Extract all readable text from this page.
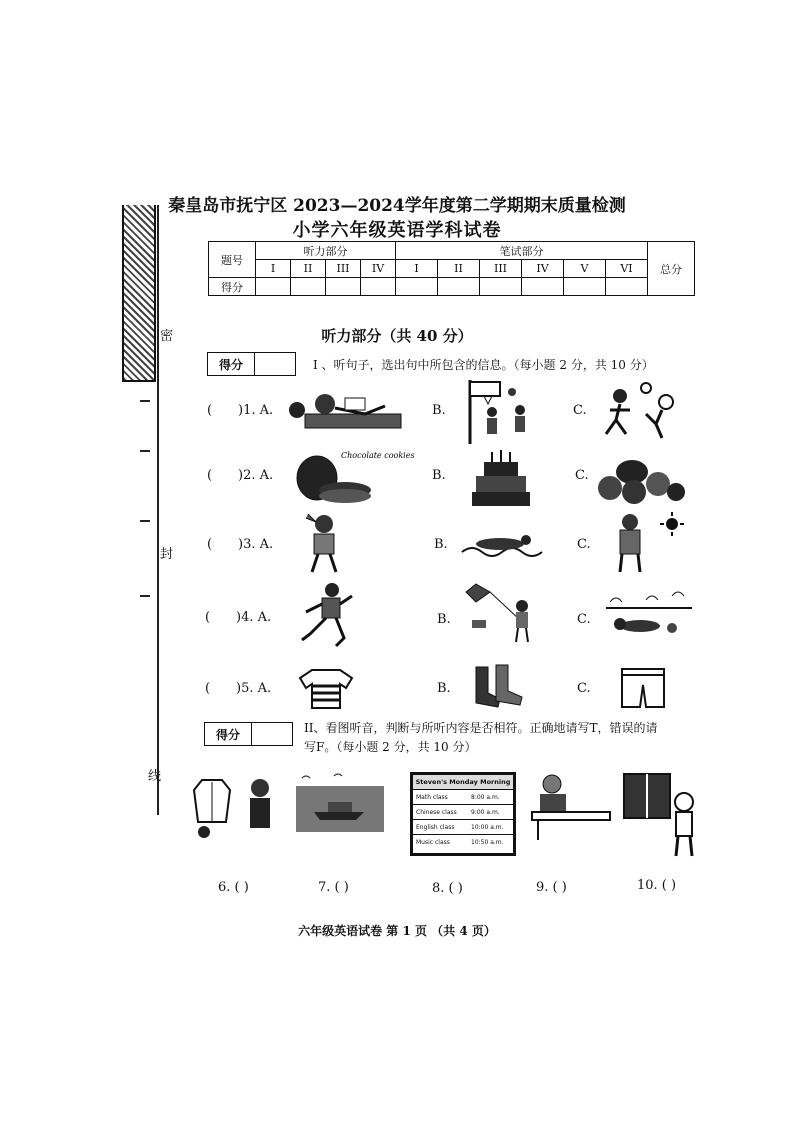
密
封
线
秦皇岛市抚宁区 2023—2024学年度第二学期期末质量检测
小学六年级英语学科试卷
题号	听力部分				笔试部分						总分
	I	II	III	IV	I	II	III	IV	V	VI	
得分											
听力部分（共 40 分）
得分	I 、听句子，选出句中所包含的信息。（每小题 2 分，共 10 分）
( )1. A.	B.	C.
( )2. A.	B.	C.
( )3. A.	B.	C.
( )4. A.	B.	C.
( )5. A.	B.	C.
Chocolate cookies
得分	II、看图听音，判断与所听内容是否相符。正确地请写T，错误的请
写F。（每小题 2 分，共 10 分）
Steven's Monday Morning
Math class	8:00 a.m.
Chinese class	9:00 a.m.
English class	10:00 a.m.
Music class	10:50 a.m.
6. ( )	7. ( )	8. ( )	9. ( )	10. ( )
六年级英语试卷 第 1 页 （共 4 页）
